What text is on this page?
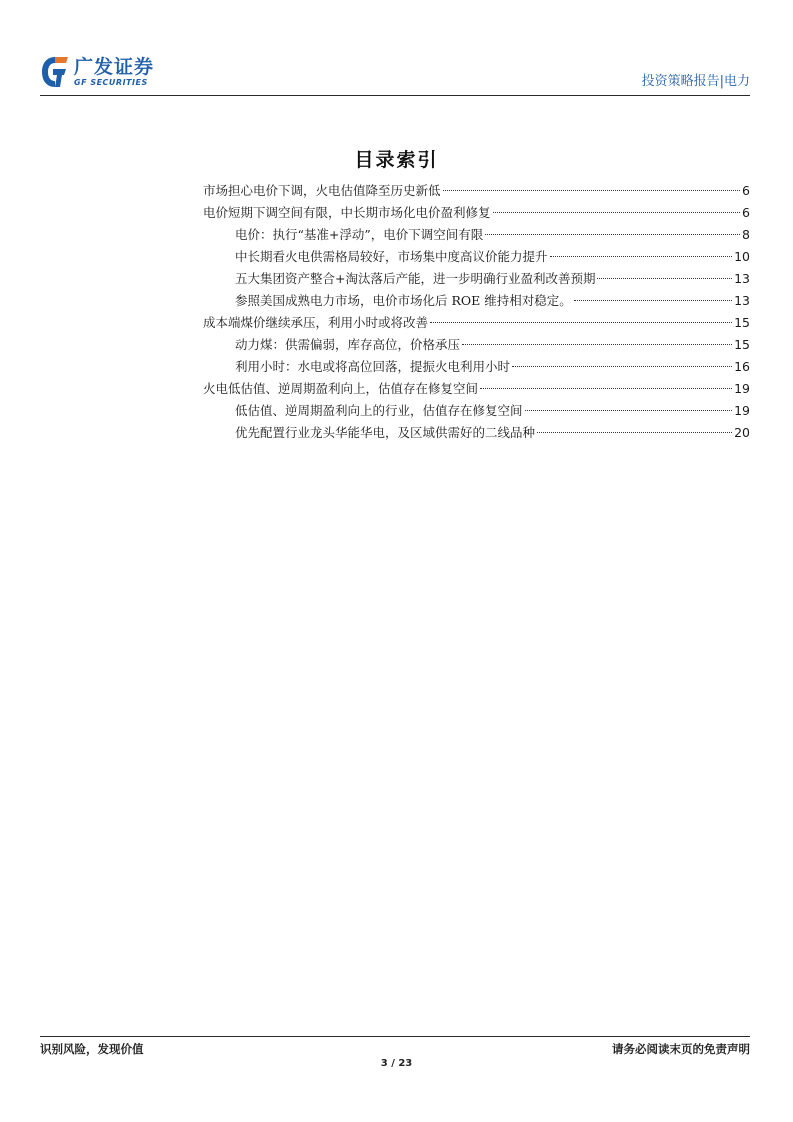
广发证券
GF SECURITIES	投资策略报告|电力
目录索引
市场担心电价下调，火电估值降至历史新低	6
电价短期下调空间有限，中长期市场化电价盈利修复	6
电价：执行“基准+浮动”，电价下调空间有限	8
中长期看火电供需格局较好，市场集中度高议价能力提升	10
五大集团资产整合+淘汰落后产能，进一步明确行业盈利改善预期	13
参照美国成熟电力市场，电价市场化后 ROE 维持相对稳定。	13
成本端煤价继续承压，利用小时或将改善	15
动力煤：供需偏弱，库存高位，价格承压	15
利用小时：水电或将高位回落，提振火电利用小时	16
火电低估值、逆周期盈利向上，估值存在修复空间	19
低估值、逆周期盈利向上的行业，估值存在修复空间	19
优先配置行业龙头华能华电，及区域供需好的二线品种	20
识别风险，发现价值	请务必阅读末页的免责声明
3 / 23
